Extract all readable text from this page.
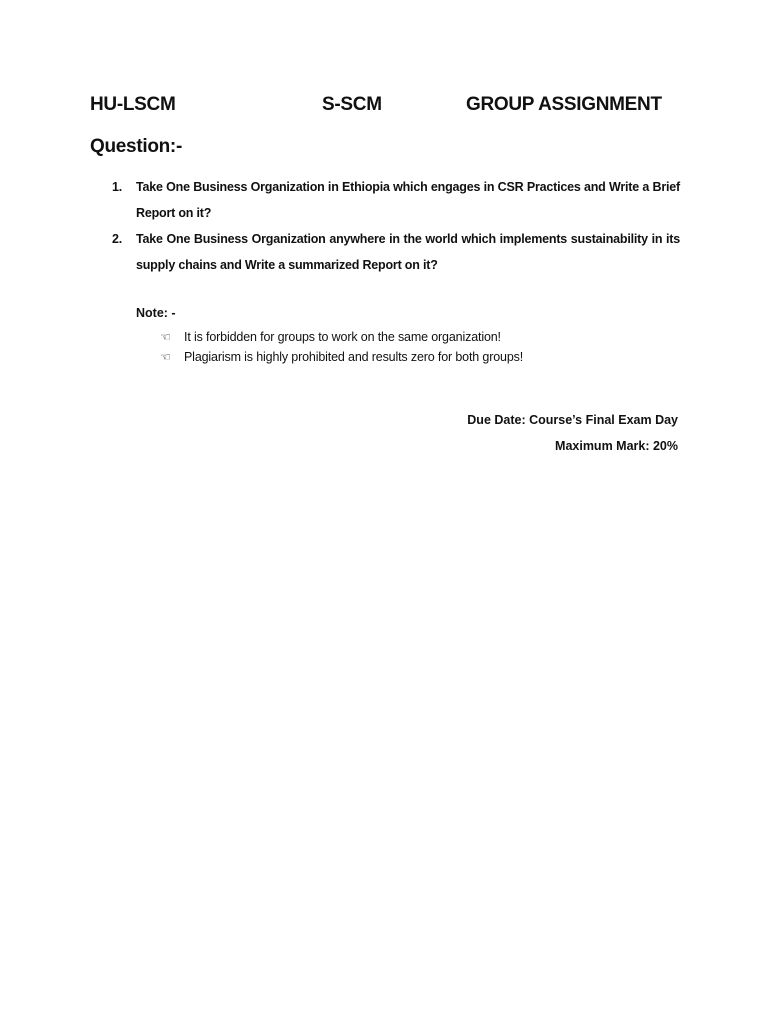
HU-LSCM	S-SCM	GROUP ASSIGNMENT
Question:-
1. Take One Business Organization in Ethiopia which engages in CSR Practices and Write a Brief Report on it?
2. Take One Business Organization anywhere in the world which implements sustainability in its supply chains and Write a summarized Report on it?
Note: -
☜ It is forbidden for groups to work on the same organization!
☜ Plagiarism is highly prohibited and results zero for both groups!
Due Date: Course’s Final Exam Day
Maximum Mark: 20%
